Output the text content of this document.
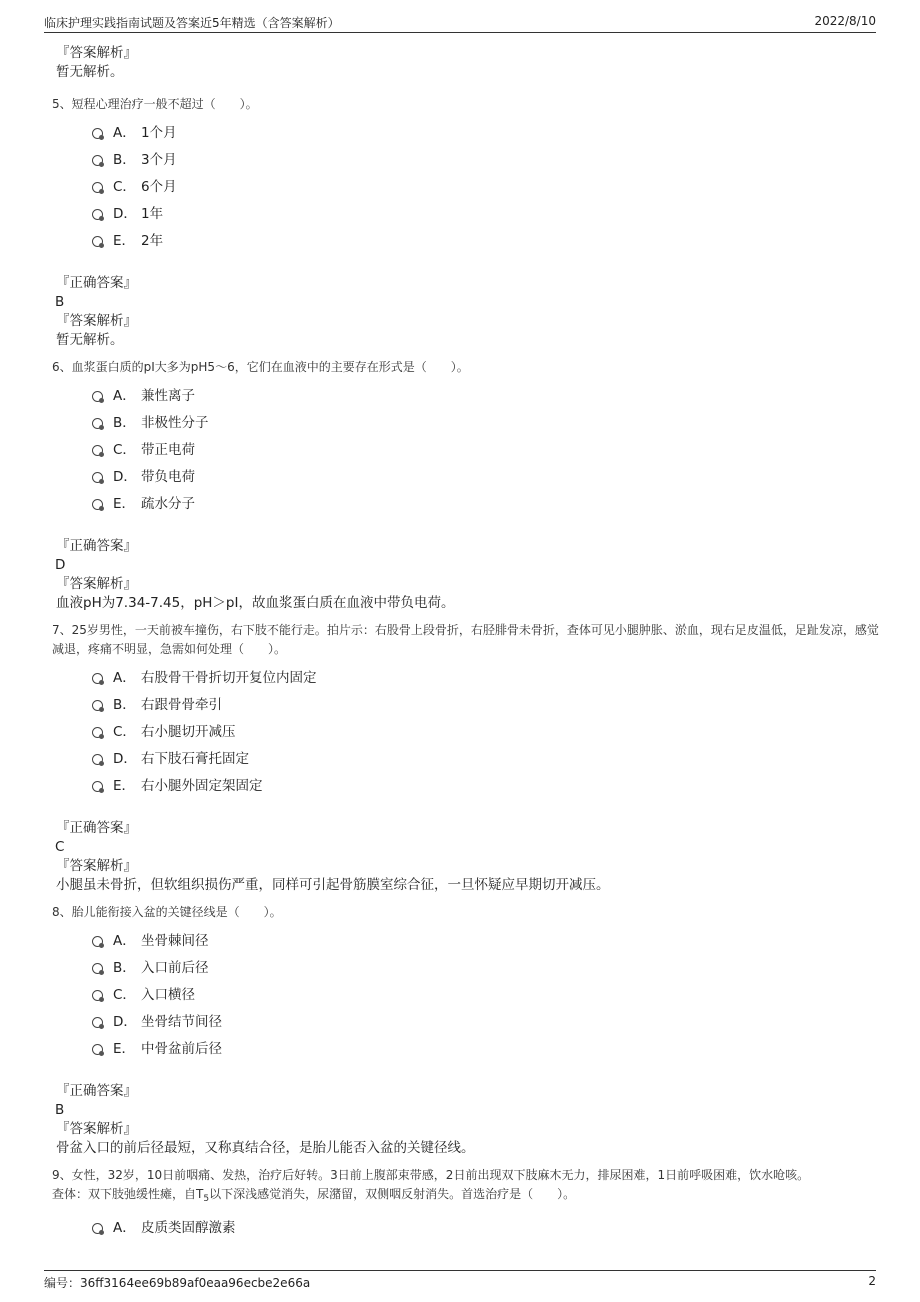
临床护理实践指南试题及答案近5年精选（含答案解析）	2022/8/10
『答案解析』
暂无解析。
5、短程心理治疗一般不超过（　　）。
A． 1个月
B． 3个月
C． 6个月
D． 1年
E． 2年
『正确答案』
B
『答案解析』
暂无解析。
6、血浆蛋白质的pI大多为pH5～6，它们在血液中的主要存在形式是（　　）。
A． 兼性离子
B． 非极性分子
C． 带正电荷
D． 带负电荷
E． 疏水分子
『正确答案』
D
『答案解析』
血液pH为7.34-7.45，pH＞pI，故血浆蛋白质在血液中带负电荷。
7、25岁男性，一天前被车撞伤，右下肢不能行走。拍片示：右股骨上段骨折，右胫腓骨未骨折，查体可见小腿肿胀、淤血，现右足皮温低，足趾发凉，感觉减退，疼痛不明显，急需如何处理（　　）。
A． 右股骨干骨折切开复位内固定
B． 右跟骨骨牵引
C． 右小腿切开减压
D． 右下肢石膏托固定
E． 右小腿外固定架固定
『正确答案』
C
『答案解析』
小腿虽未骨折，但软组织损伤严重，同样可引起骨筋膜室综合征，一旦怀疑应早期切开减压。
8、胎儿能衔接入盆的关键径线是（　　）。
A． 坐骨棘间径
B． 入口前后径
C． 入口横径
D． 坐骨结节间径
E． 中骨盆前后径
『正确答案』
B
『答案解析』
骨盆入口的前后径最短，又称真结合径，是胎儿能否入盆的关键径线。
9、女性，32岁，10日前咽痛、发热，治疗后好转。3日前上腹部束带感，2日前出现双下肢麻木无力，排尿困难，1日前呼吸困难，饮水呛咳。
查体：双下肢弛缓性瘫，自$T_5$以下深浅感觉消失，尿潴留，双侧咽反射消失。首选治疗是（　　）。
A． 皮质类固醇激素
编号：36ff3164ee69b89af0eaa96ecbe2e66a	2
